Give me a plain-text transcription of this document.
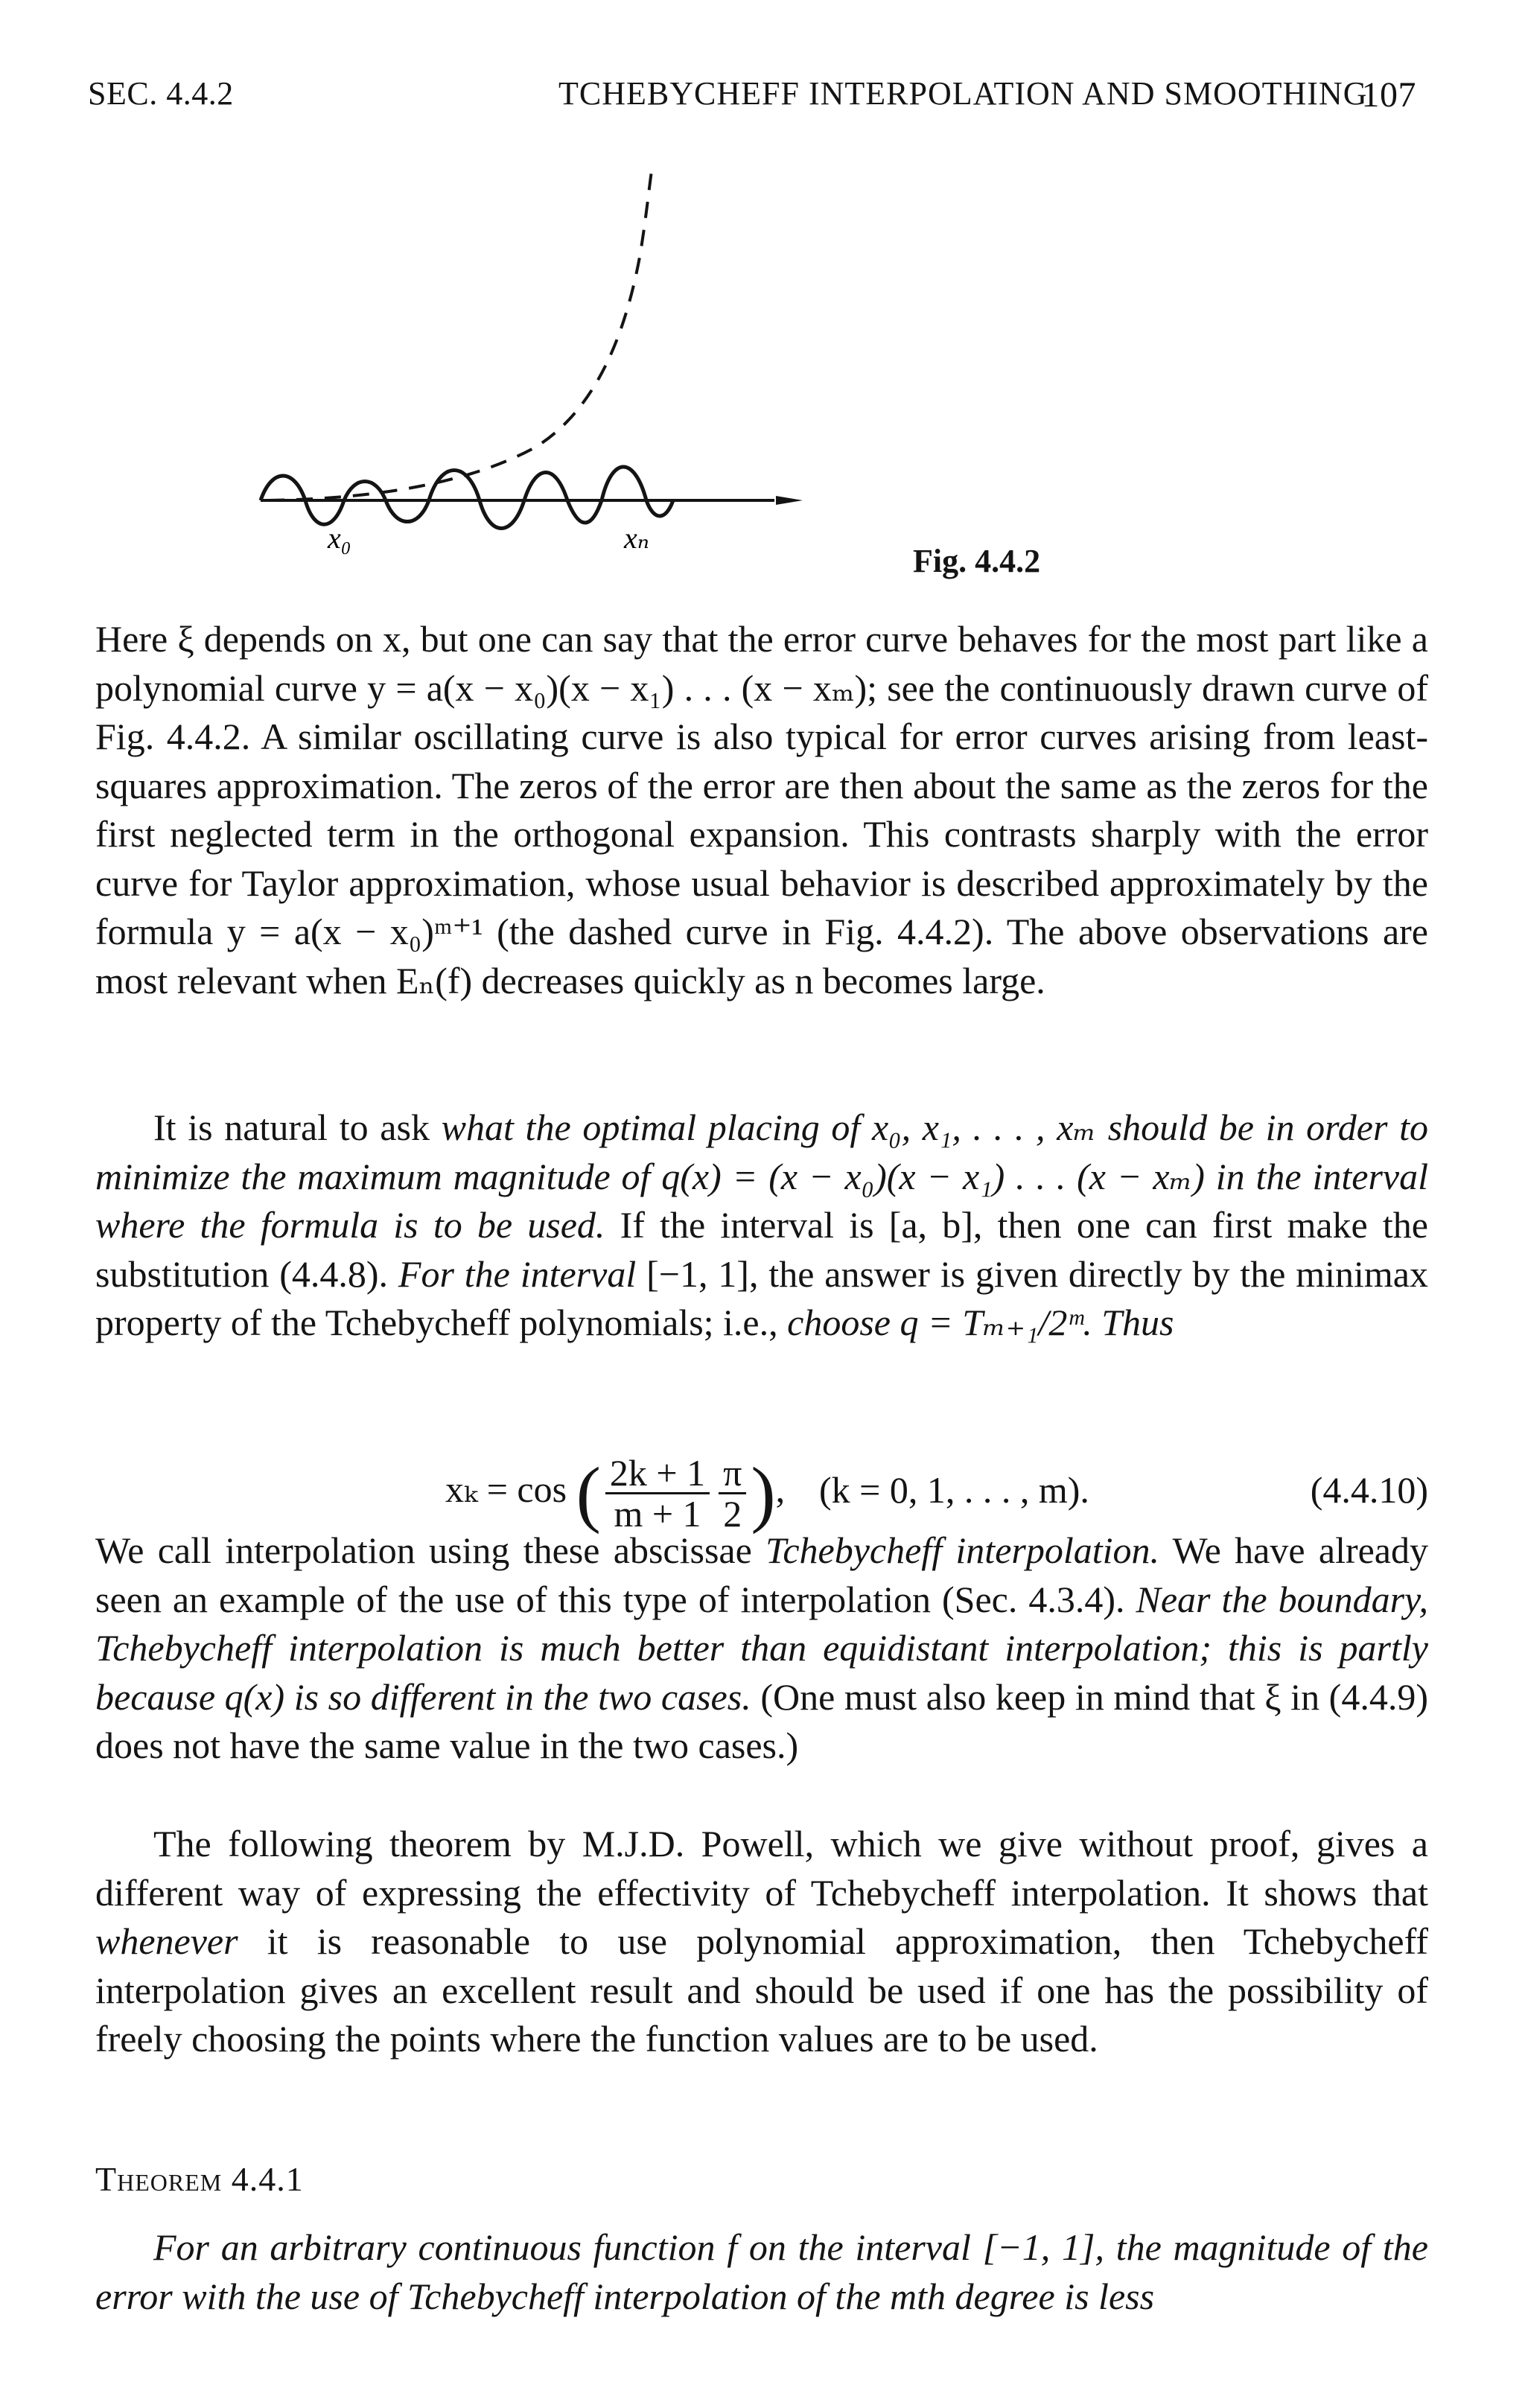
SEC. 4.4.2	TCHEBYCHEFF INTERPOLATION AND SMOOTHING
107
x₀	xₙ
Fig. 4.4.2

Here ξ depends on x, but one can say that the error curve behaves for the most part like a polynomial curve y = a(x − x₀)(x − x₁) . . . (x − xₘ); see the continuously drawn curve of Fig. 4.4.2. A similar oscillating curve is also typical for error curves arising from least-squares approximation. The zeros of the error are then about the same as the zeros for the first neglected term in the orthogonal expansion. This contrasts sharply with the error curve for Taylor approximation, whose usual behavior is described approximately by the formula y = a(x − x₀)ᵐ⁺¹ (the dashed curve in Fig. 4.4.2). The above observations are most relevant when Eₙ(f) decreases quickly as n becomes large.

It is natural to ask what the optimal placing of x₀, x₁, . . . , xₘ should be in order to minimize the maximum magnitude of q(x) = (x − x₀)(x − x₁) . . . (x − xₘ) in the interval where the formula is to be used. If the interval is [a, b], then one can first make the substitution (4.4.8). For the interval [−1, 1], the answer is given directly by the minimax property of the Tchebycheff polynomials; i.e., choose q = Tₘ₊₁/2ᵐ. Thus

xₖ = cos ( $\frac{2k + 1}{m + 1} \frac{\pi}{2}$ ), (k = 0, 1, . . . , m).	(4.4.10)

We call interpolation using these abscissae Tchebycheff interpolation. We have already seen an example of the use of this type of interpolation (Sec. 4.3.4). Near the boundary, Tchebycheff interpolation is much better than equidistant interpolation; this is partly because q(x) is so different in the two cases. (One must also keep in mind that ξ in (4.4.9) does not have the same value in the two cases.)

The following theorem by M.J.D. Powell, which we give without proof, gives a different way of expressing the effectivity of Tchebycheff interpolation. It shows that whenever it is reasonable to use polynomial approximation, then Tchebycheff interpolation gives an excellent result and should be used if one has the possibility of freely choosing the points where the function values are to be used.

Theorem 4.4.1

For an arbitrary continuous function f on the interval [−1, 1], the magnitude of the error with the use of Tchebycheff interpolation of the mth degree is less
